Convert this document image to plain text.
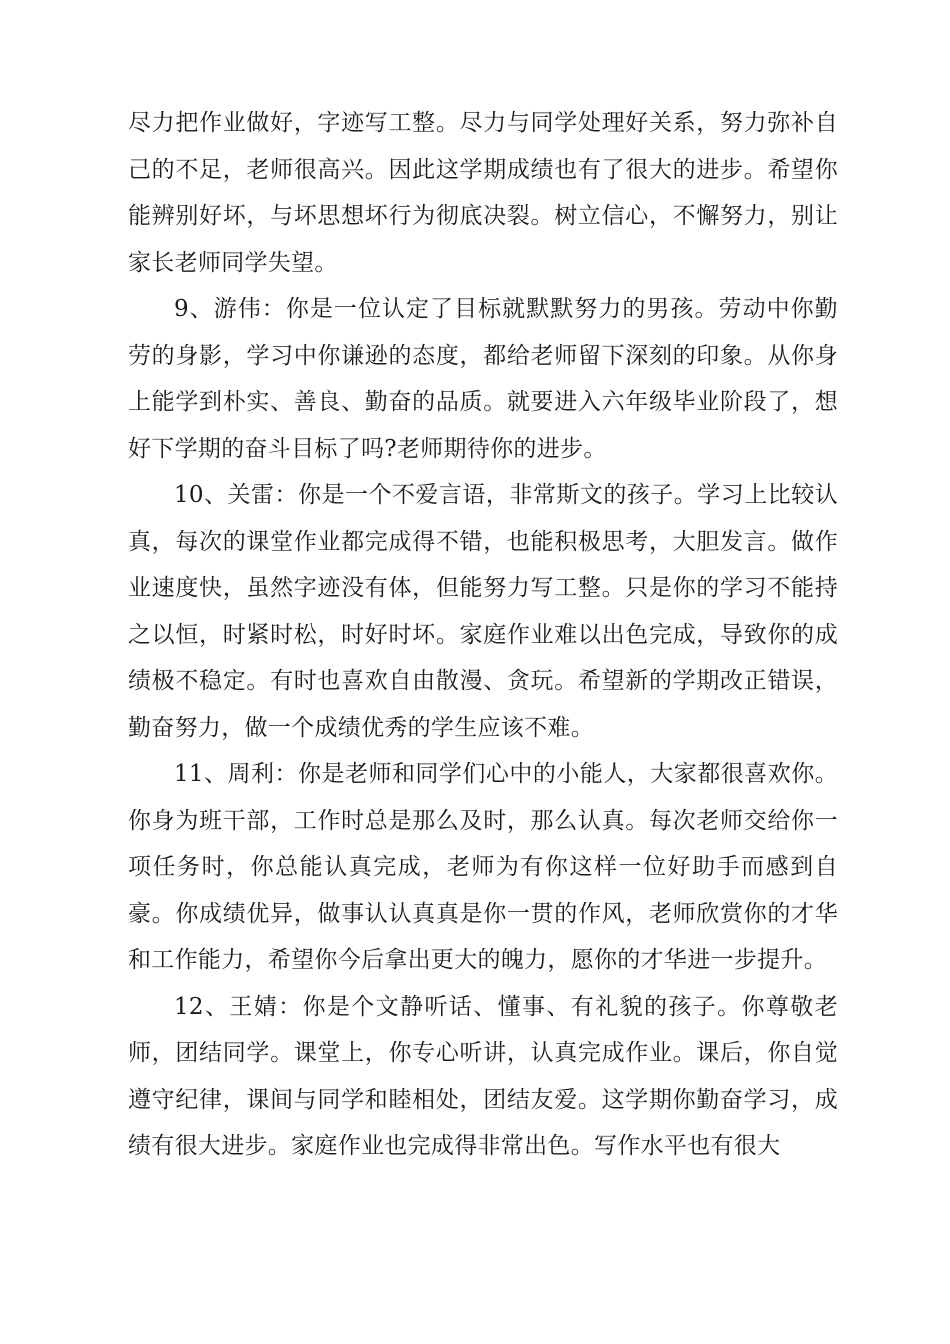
尽力把作业做好，字迹写工整。尽力与同学处理好关系，努力弥补自己的不足，老师很高兴。因此这学期成绩也有了很大的进步。希望你能辨别好坏，与坏思想坏行为彻底决裂。树立信心，不懈努力，别让家长老师同学失望。

9、游伟：你是一位认定了目标就默默努力的男孩。劳动中你勤劳的身影，学习中你谦逊的态度，都给老师留下深刻的印象。从你身上能学到朴实、善良、勤奋的品质。就要进入六年级毕业阶段了，想好下学期的奋斗目标了吗?老师期待你的进步。

10、关雷：你是一个不爱言语，非常斯文的孩子。学习上比较认真，每次的课堂作业都完成得不错，也能积极思考，大胆发言。做作业速度快，虽然字迹没有体，但能努力写工整。只是你的学习不能持之以恒，时紧时松，时好时坏。家庭作业难以出色完成，导致你的成绩极不稳定。有时也喜欢自由散漫、贪玩。希望新的学期改正错误，勤奋努力，做一个成绩优秀的学生应该不难。

11、周利：你是老师和同学们心中的小能人，大家都很喜欢你。你身为班干部，工作时总是那么及时，那么认真。每次老师交给你一项任务时，你总能认真完成，老师为有你这样一位好助手而感到自豪。你成绩优异，做事认认真真是你一贯的作风，老师欣赏你的才华和工作能力，希望你今后拿出更大的魄力，愿你的才华进一步提升。

12、王婧：你是个文静听话、懂事、有礼貌的孩子。你尊敬老师，团结同学。课堂上，你专心听讲，认真完成作业。课后，你自觉遵守纪律，课间与同学和睦相处，团结友爱。这学期你勤奋学习，成绩有很大进步。家庭作业也完成得非常出色。写作水平也有很大
